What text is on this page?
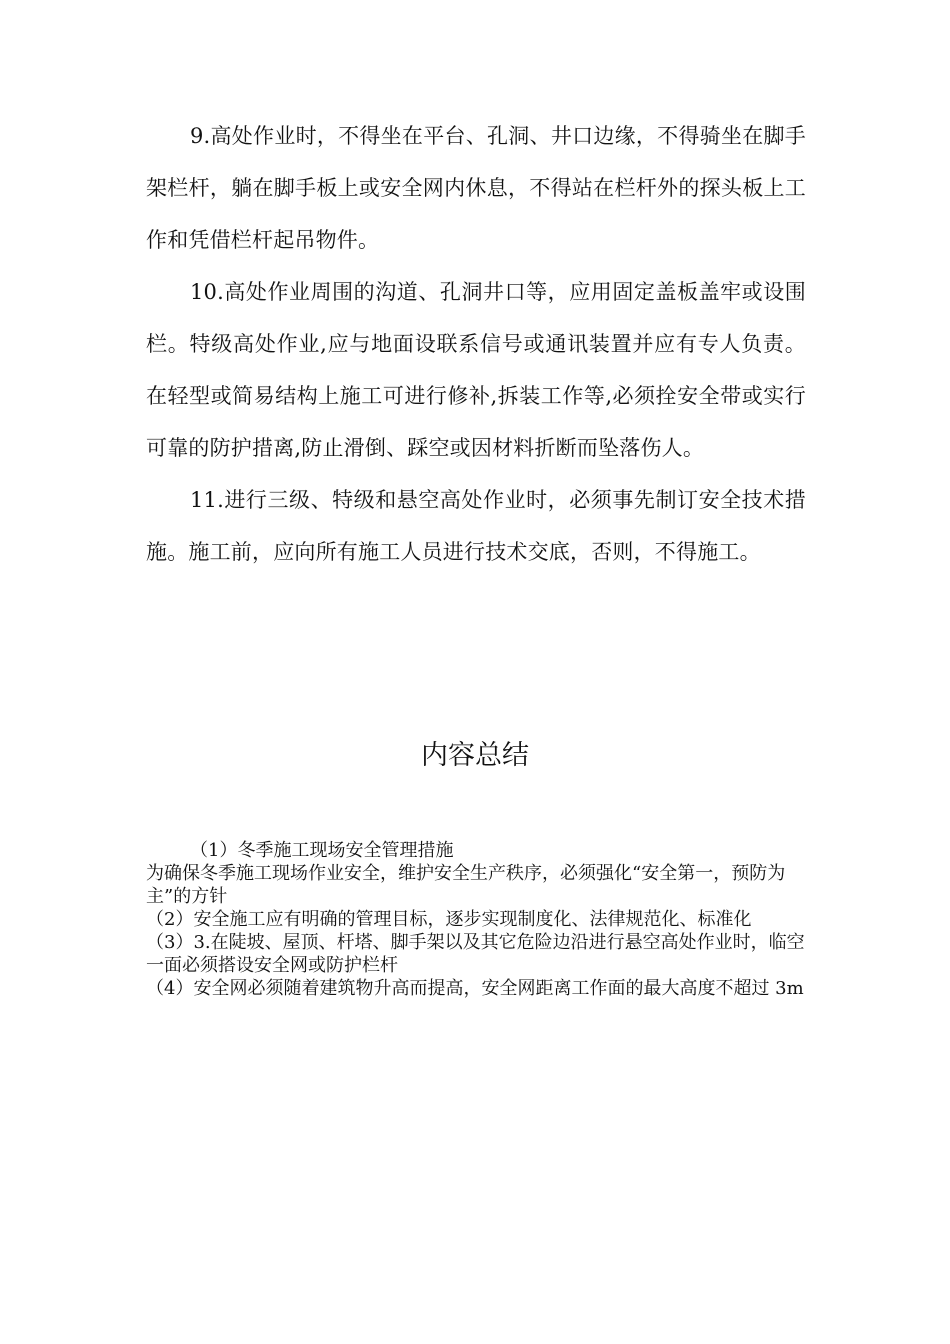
9.高处作业时，不得坐在平台、孔洞、井口边缘，不得骑坐在脚手架栏杆，躺在脚手板上或安全网内休息，不得站在栏杆外的探头板上工作和凭借栏杆起吊物件。

10.高处作业周围的沟道、孔洞井口等，应用固定盖板盖牢或设围栏。特级高处作业,应与地面设联系信号或通讯装置并应有专人负责。在轻型或简易结构上施工可进行修补,拆装工作等,必须拴安全带或实行可靠的防护措离,防止滑倒、踩空或因材料折断而坠落伤人。

11.进行三级、特级和悬空高处作业时，必须事先制订安全技术措施。施工前，应向所有施工人员进行技术交底，否则，不得施工。

内容总结

（1）冬季施工现场安全管理措施

为确保冬季施工现场作业安全，维护安全生产秩序，必须强化“安全第一，预防为主”的方针

（2）安全施工应有明确的管理目标，逐步实现制度化、法律规范化、标准化

（3）3.在陡坡、屋顶、杆塔、脚手架以及其它危险边沿进行悬空高处作业时，临空一面必须搭设安全网或防护栏杆

（4）安全网必须随着建筑物升高而提高，安全网距离工作面的最大高度不超过 3m
